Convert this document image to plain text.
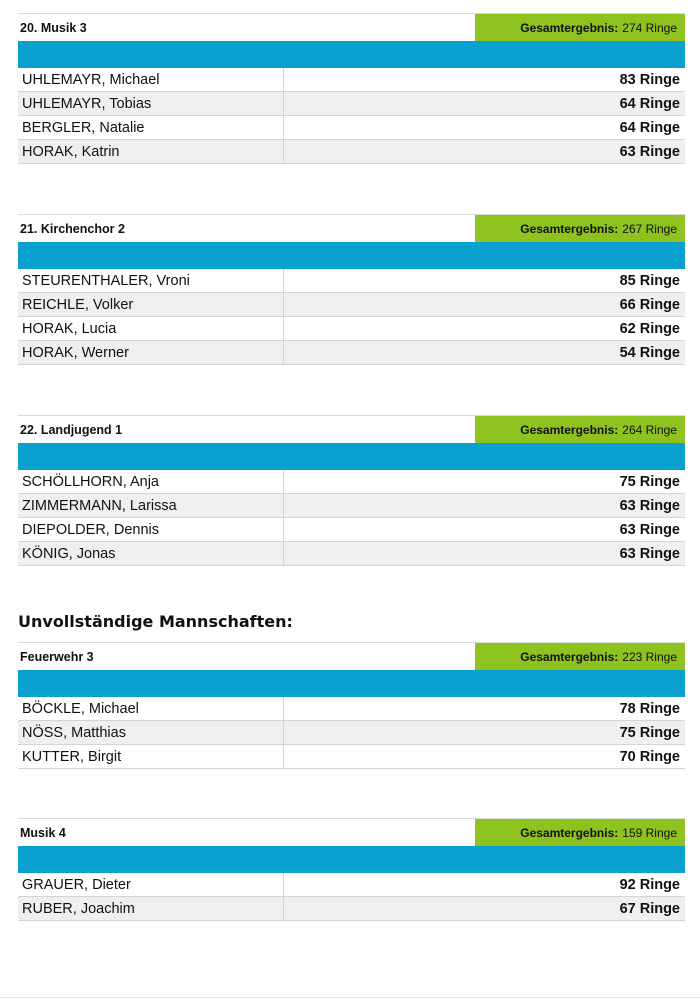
20. Musik 3	Gesamtergebnis: 274 Ringe
UHLEMAYR, Michael	83 Ringe
UHLEMAYR, Tobias	64 Ringe
BERGLER, Natalie	64 Ringe
HORAK, Katrin	63 Ringe
21. Kirchenchor 2	Gesamtergebnis: 267 Ringe
STEURENTHALER, Vroni	85 Ringe
REICHLE, Volker	66 Ringe
HORAK, Lucia	62 Ringe
HORAK, Werner	54 Ringe
22. Landjugend 1	Gesamtergebnis: 264 Ringe
SCHÖLLHORN, Anja	75 Ringe
ZIMMERMANN, Larissa	63 Ringe
DIEPOLDER, Dennis	63 Ringe
KÖNIG, Jonas	63 Ringe
Unvollständige Mannschaften:
Feuerwehr 3	Gesamtergebnis: 223 Ringe
BÖCKLE, Michael	78 Ringe
NÖSS, Matthias	75 Ringe
KUTTER, Birgit	70 Ringe
Musik 4	Gesamtergebnis: 159 Ringe
GRAUER, Dieter	92 Ringe
RUBER, Joachim	67 Ringe
